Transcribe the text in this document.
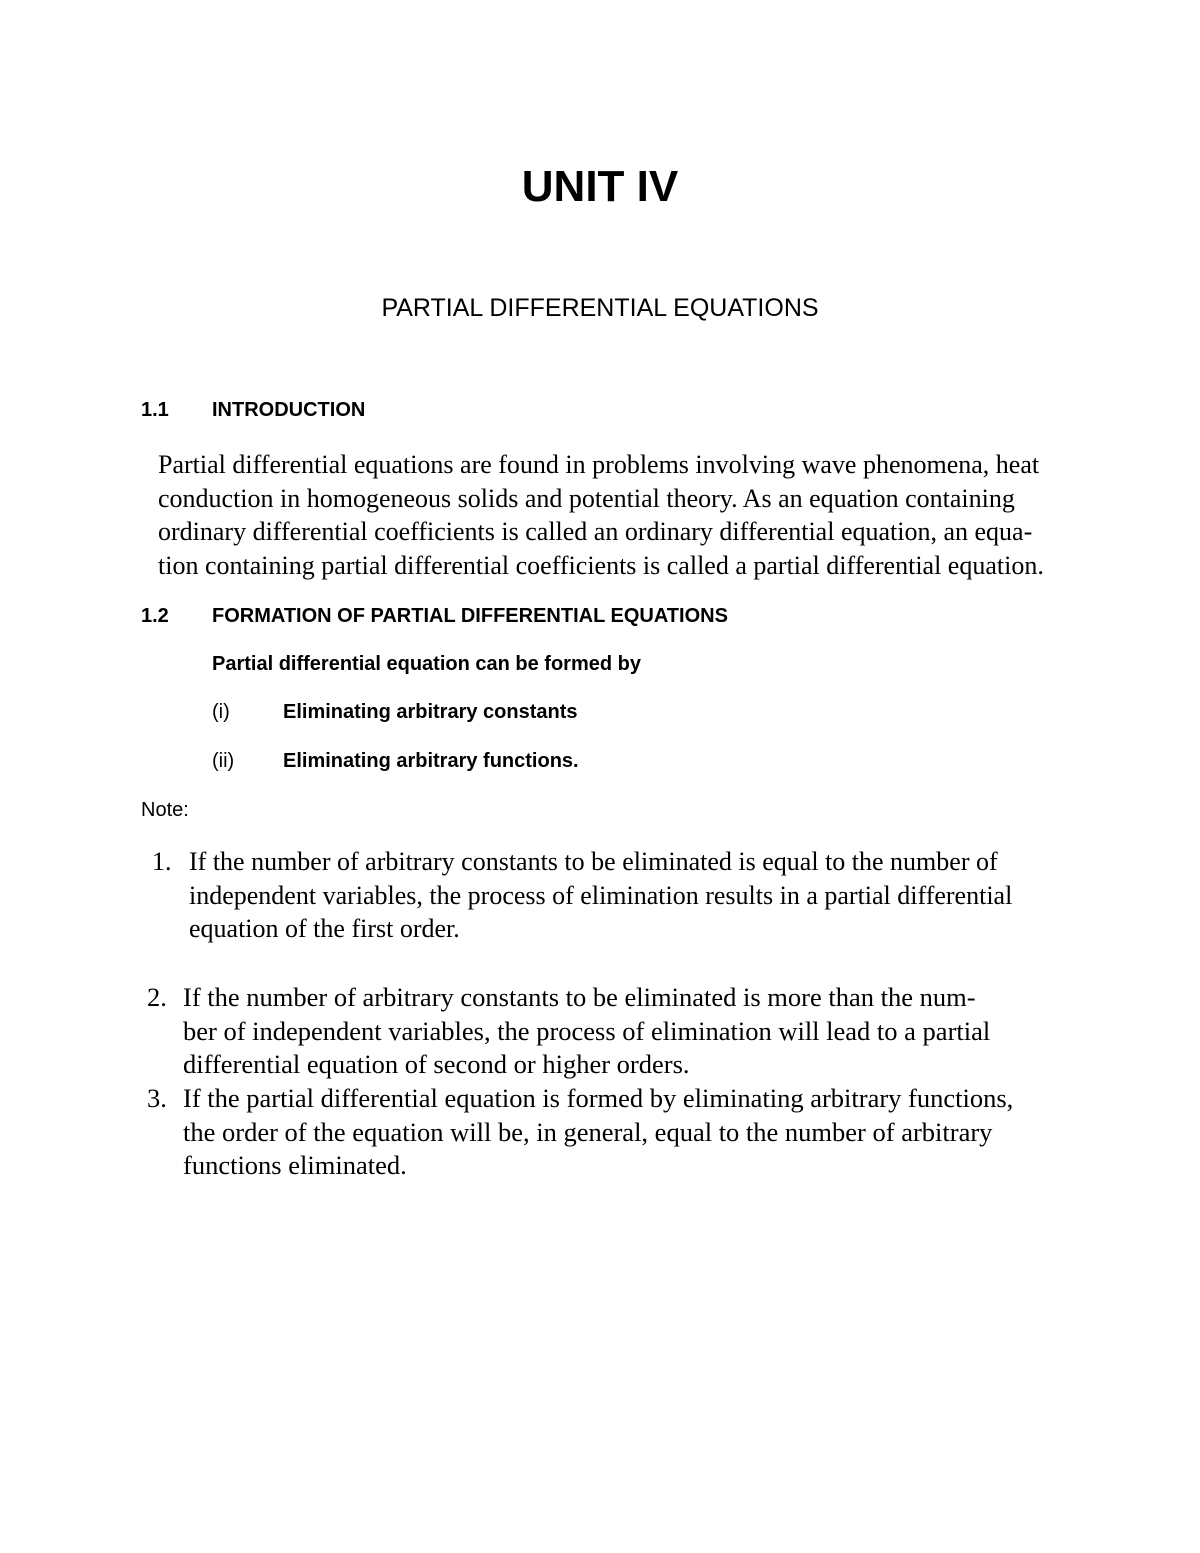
UNIT IV
PARTIAL DIFFERENTIAL EQUATIONS
1.1 INTRODUCTION
Partial differential equations are found in problems involving wave phenomena, heat
conduction in homogeneous solids and potential theory. As an equation containing
ordinary differential coefficients is called an ordinary differential equation, an equa-
tion containing partial differential coefficients is called a partial differential equation.
1.2 FORMATION OF PARTIAL DIFFERENTIAL EQUATIONS
Partial differential equation can be formed by
(i)	Eliminating arbitrary constants
(ii) Eliminating arbitrary functions.
Note:
1. If the number of arbitrary constants to be eliminated is equal to the number of
independent variables, the process of elimination results in a partial differential
equation of the first order.
2. If the number of arbitrary constants to be eliminated is more than the num-
ber of independent variables, the process of elimination will lead to a partial
differential equation of second or higher orders.
3. If the partial differential equation is formed by eliminating arbitrary functions,
the order of the equation will be, in general, equal to the number of arbitrary
functions eliminated.
